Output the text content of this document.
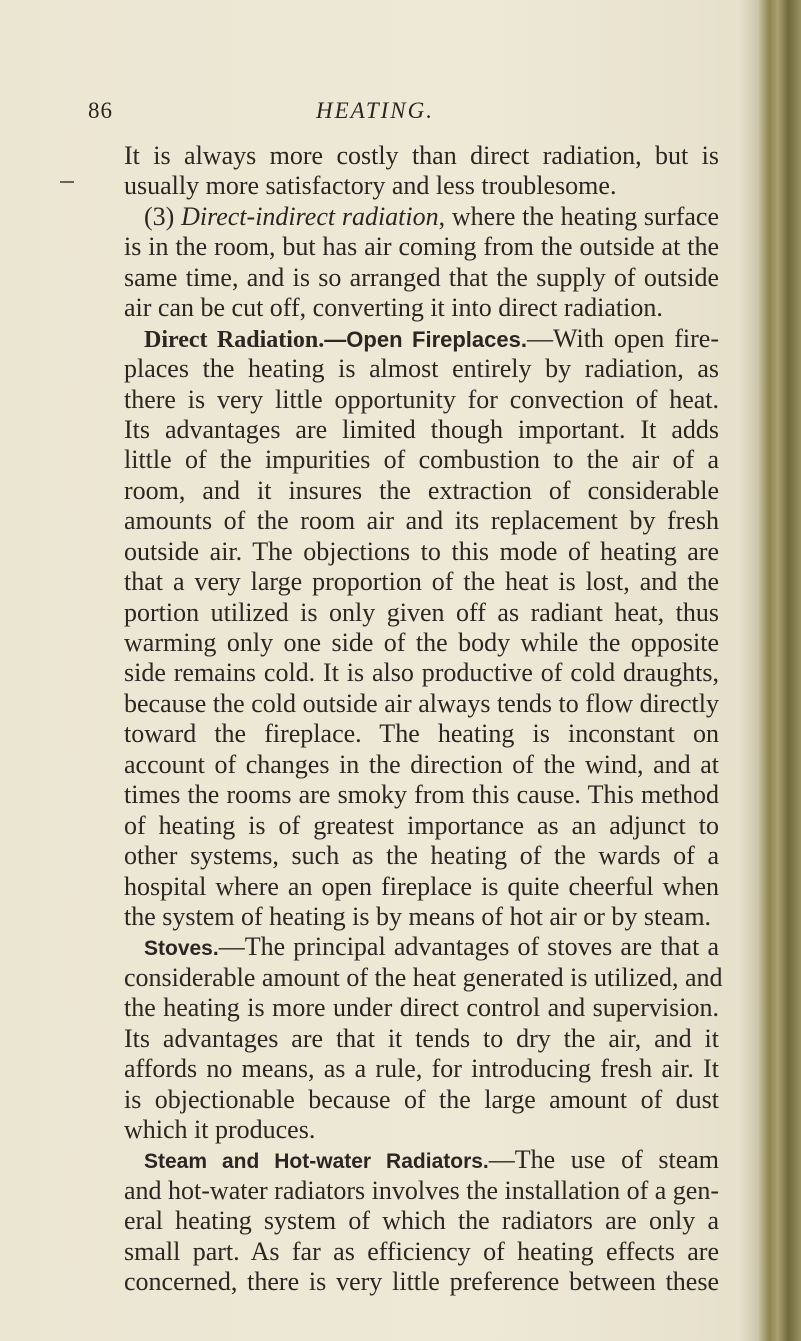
86	HEATING.
It is always more costly than direct radiation, but is
usually more satisfactory and less troublesome.
(3) Direct-indirect radiation, where the heating surface
is in the room, but has air coming from the outside at the
same time, and is so arranged that the supply of outside
air can be cut off, converting it into direct radiation.
Direct Radiation.—Open Fireplaces.—With open fire-
places the heating is almost entirely by radiation, as
there is very little opportunity for convection of heat.
Its advantages are limited though important. It adds
little of the impurities of combustion to the air of a
room, and it insures the extraction of considerable
amounts of the room air and its replacement by fresh
outside air. The objections to this mode of heating are
that a very large proportion of the heat is lost, and the
portion utilized is only given off as radiant heat, thus
warming only one side of the body while the opposite
side remains cold. It is also productive of cold draughts,
because the cold outside air always tends to flow directly
toward the fireplace. The heating is inconstant on
account of changes in the direction of the wind, and at
times the rooms are smoky from this cause. This method
of heating is of greatest importance as an adjunct to
other systems, such as the heating of the wards of a
hospital where an open fireplace is quite cheerful when
the system of heating is by means of hot air or by steam.
Stoves.—The principal advantages of stoves are that a
considerable amount of the heat generated is utilized, and
the heating is more under direct control and supervision.
Its advantages are that it tends to dry the air, and it
affords no means, as a rule, for introducing fresh air. It
is objectionable because of the large amount of dust
which it produces.
Steam and Hot-water Radiators.—The use of steam
and hot-water radiators involves the installation of a gen-
eral heating system of which the radiators are only a
small part. As far as efficiency of heating effects are
concerned, there is very little preference between these
